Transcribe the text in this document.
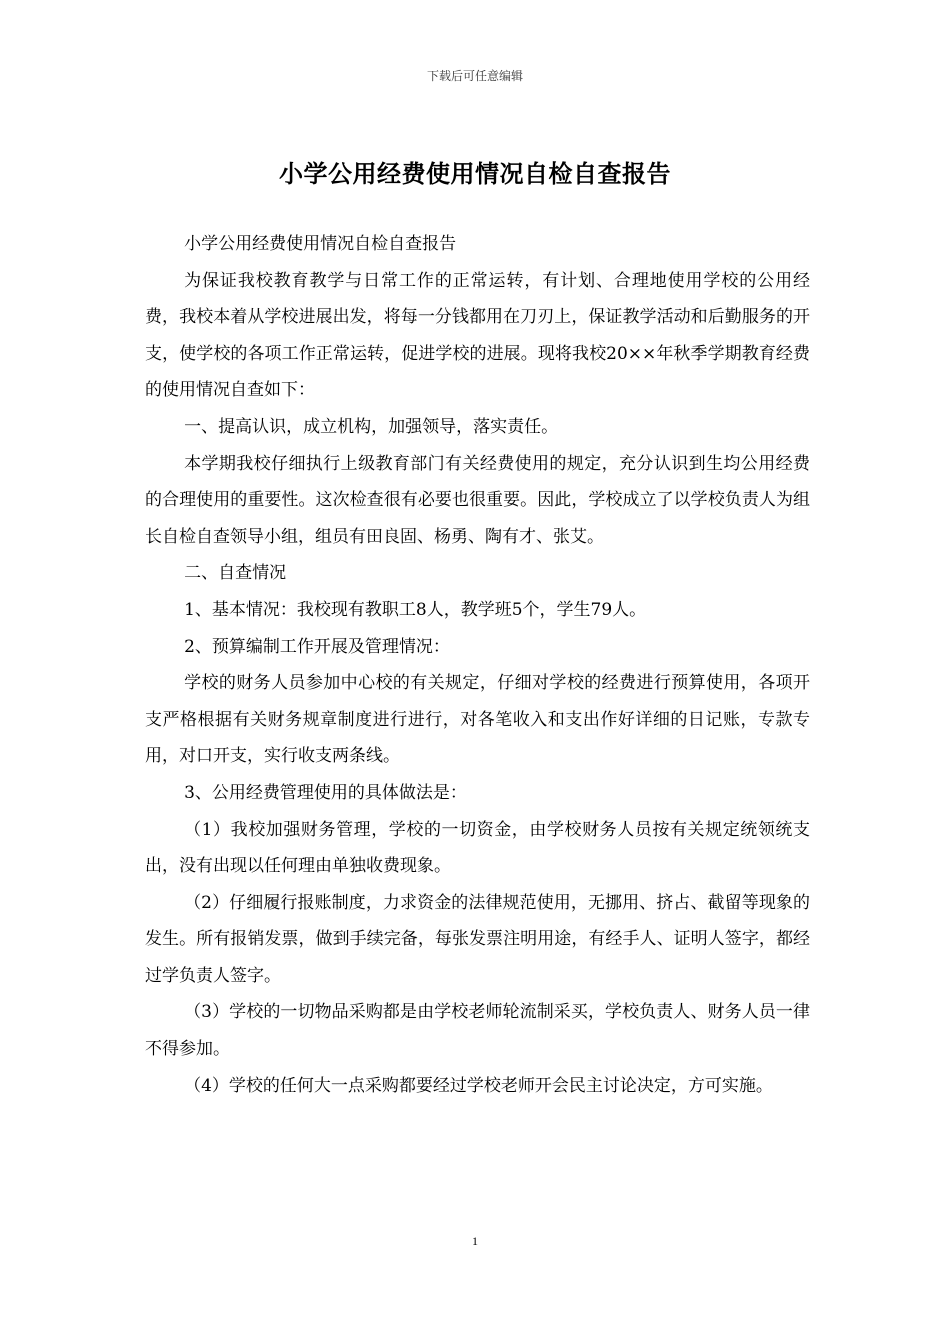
下载后可任意编辑
小学公用经费使用情况自检自查报告

小学公用经费使用情况自检自查报告

为保证我校教育教学与日常工作的正常运转，有计划、合理地使用学校的公用经费，我校本着从学校进展出发，将每一分钱都用在刀刃上，保证教学活动和后勤服务的开支，使学校的各项工作正常运转，促进学校的进展。现将我校20××年秋季学期教育经费的使用情况自查如下：

一、提高认识，成立机构，加强领导，落实责任。

本学期我校仔细执行上级教育部门有关经费使用的规定，充分认识到生均公用经费的合理使用的重要性。这次检查很有必要也很重要。因此，学校成立了以学校负责人为组长自检自查领导小组，组员有田良固、杨勇、陶有才、张艾。

二、自查情况

1、基本情况：我校现有教职工8人，教学班5个，学生79人。

2、预算编制工作开展及管理情况：

学校的财务人员参加中心校的有关规定，仔细对学校的经费进行预算使用，各项开支严格根据有关财务规章制度进行进行，对各笔收入和支出作好详细的日记账，专款专用，对口开支，实行收支两条线。

3、公用经费管理使用的具体做法是：

（1）我校加强财务管理，学校的一切资金，由学校财务人员按有关规定统领统支出，没有出现以任何理由单独收费现象。

（2）仔细履行报账制度，力求资金的法律规范使用，无挪用、挤占、截留等现象的发生。所有报销发票，做到手续完备，每张发票注明用途，有经手人、证明人签字，都经过学负责人签字。

（3）学校的一切物品采购都是由学校老师轮流制采买，学校负责人、财务人员一律不得参加。

（4）学校的任何大一点采购都要经过学校老师开会民主讨论决定，方可实施。

1
